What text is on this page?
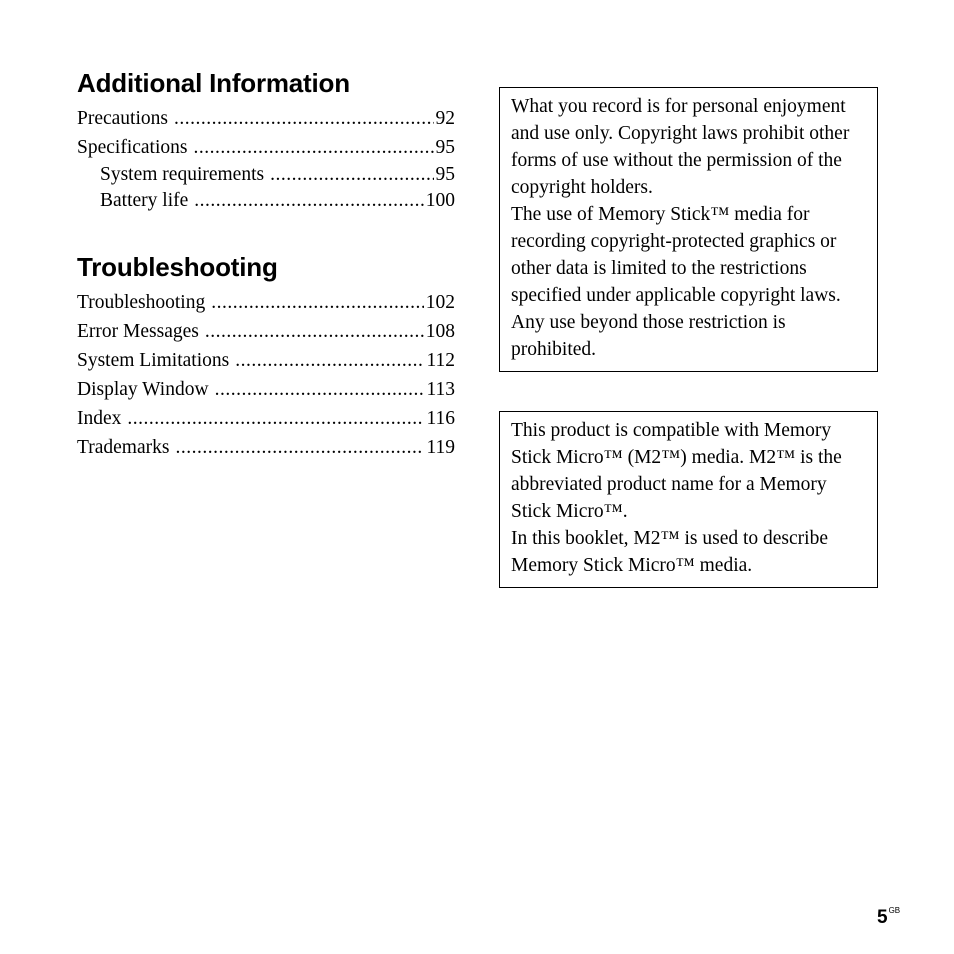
Additional Information
Precautions .....	92
Specifications .....	95
System requirements .....	95
Battery life .....	100
Troubleshooting
Troubleshooting .....	102
Error Messages .....	108
System Limitations .....	112
Display Window .....	113
Index .....	116
Trademarks .....	119

What you record is for personal enjoyment and use only. Copyright laws prohibit other forms of use without the permission of the copyright holders.

The use of Memory Stick™ media for recording copyright-protected graphics or other data is limited to the restrictions specified under applicable copyright laws. Any use beyond those restriction is prohibited.

This product is compatible with Memory Stick Micro™ (M2™) media. M2™ is the abbreviated product name for a Memory Stick Micro™.

In this booklet, M2™ is used to describe Memory Stick Micro™ media.

$5^{GB}$
